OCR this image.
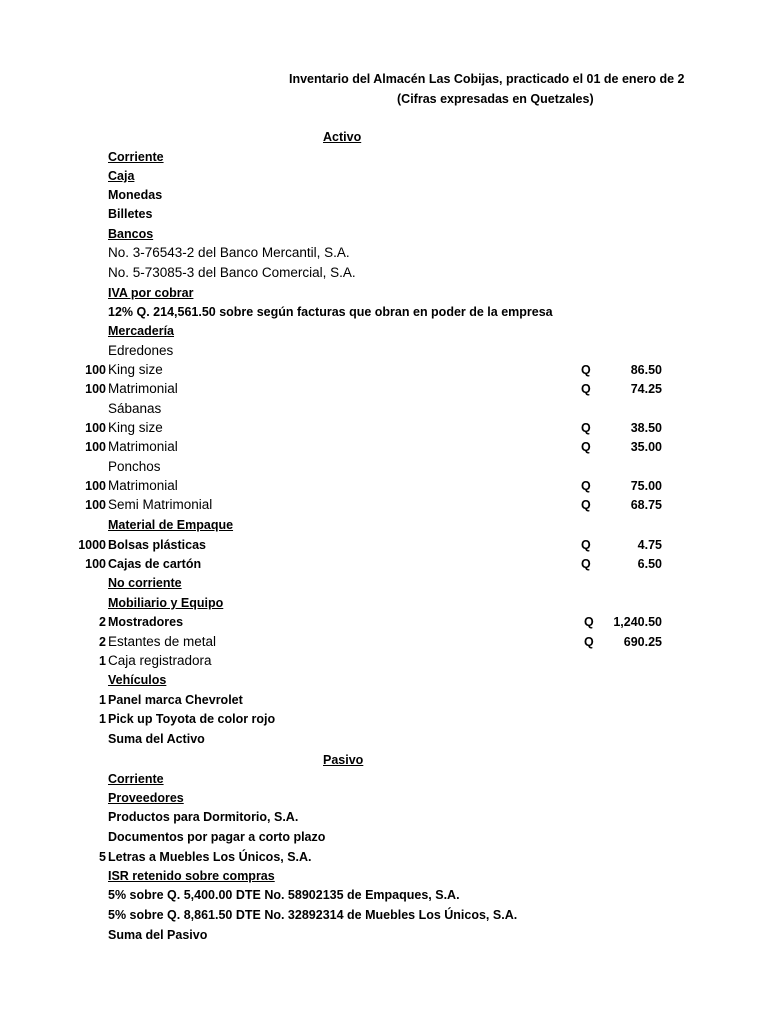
Inventario del Almacén Las Cobijas, practicado el 01 de enero de 2
(Cifras expresadas en Quetzales)
Activo
Corriente
Caja
Monedas
Billetes
Bancos
No. 3-76543-2 del Banco Mercantil, S.A.
No. 5-73085-3 del Banco Comercial, S.A.
IVA por cobrar
12% Q. 214,561.50 sobre según facturas que obran en poder de la empresa
Mercadería
Edredones
100 King size	Q	86.50
100 Matrimonial	Q	74.25
Sábanas
100 King size	Q	38.50
100 Matrimonial	Q	35.00
Ponchos
100 Matrimonial	Q	75.00
100 Semi Matrimonial	Q	68.75
Material de Empaque
1000 Bolsas plásticas	Q	4.75
100 Cajas de cartón	Q	6.50
No corriente
Mobiliario y Equipo
2 Mostradores	Q	1,240.50
2 Estantes de metal	Q	690.25
1 Caja registradora
Vehículos
1 Panel marca Chevrolet
1 Pick up Toyota de color rojo
Suma del Activo
Pasivo
Corriente
Proveedores
Productos para Dormitorio, S.A.
Documentos por pagar a corto plazo
5 Letras a Muebles Los Únicos, S.A.
ISR retenido sobre compras
5% sobre Q. 5,400.00 DTE No. 58902135 de Empaques, S.A.
5% sobre Q. 8,861.50 DTE No. 32892314 de Muebles Los Únicos, S.A.
Suma del Pasivo
